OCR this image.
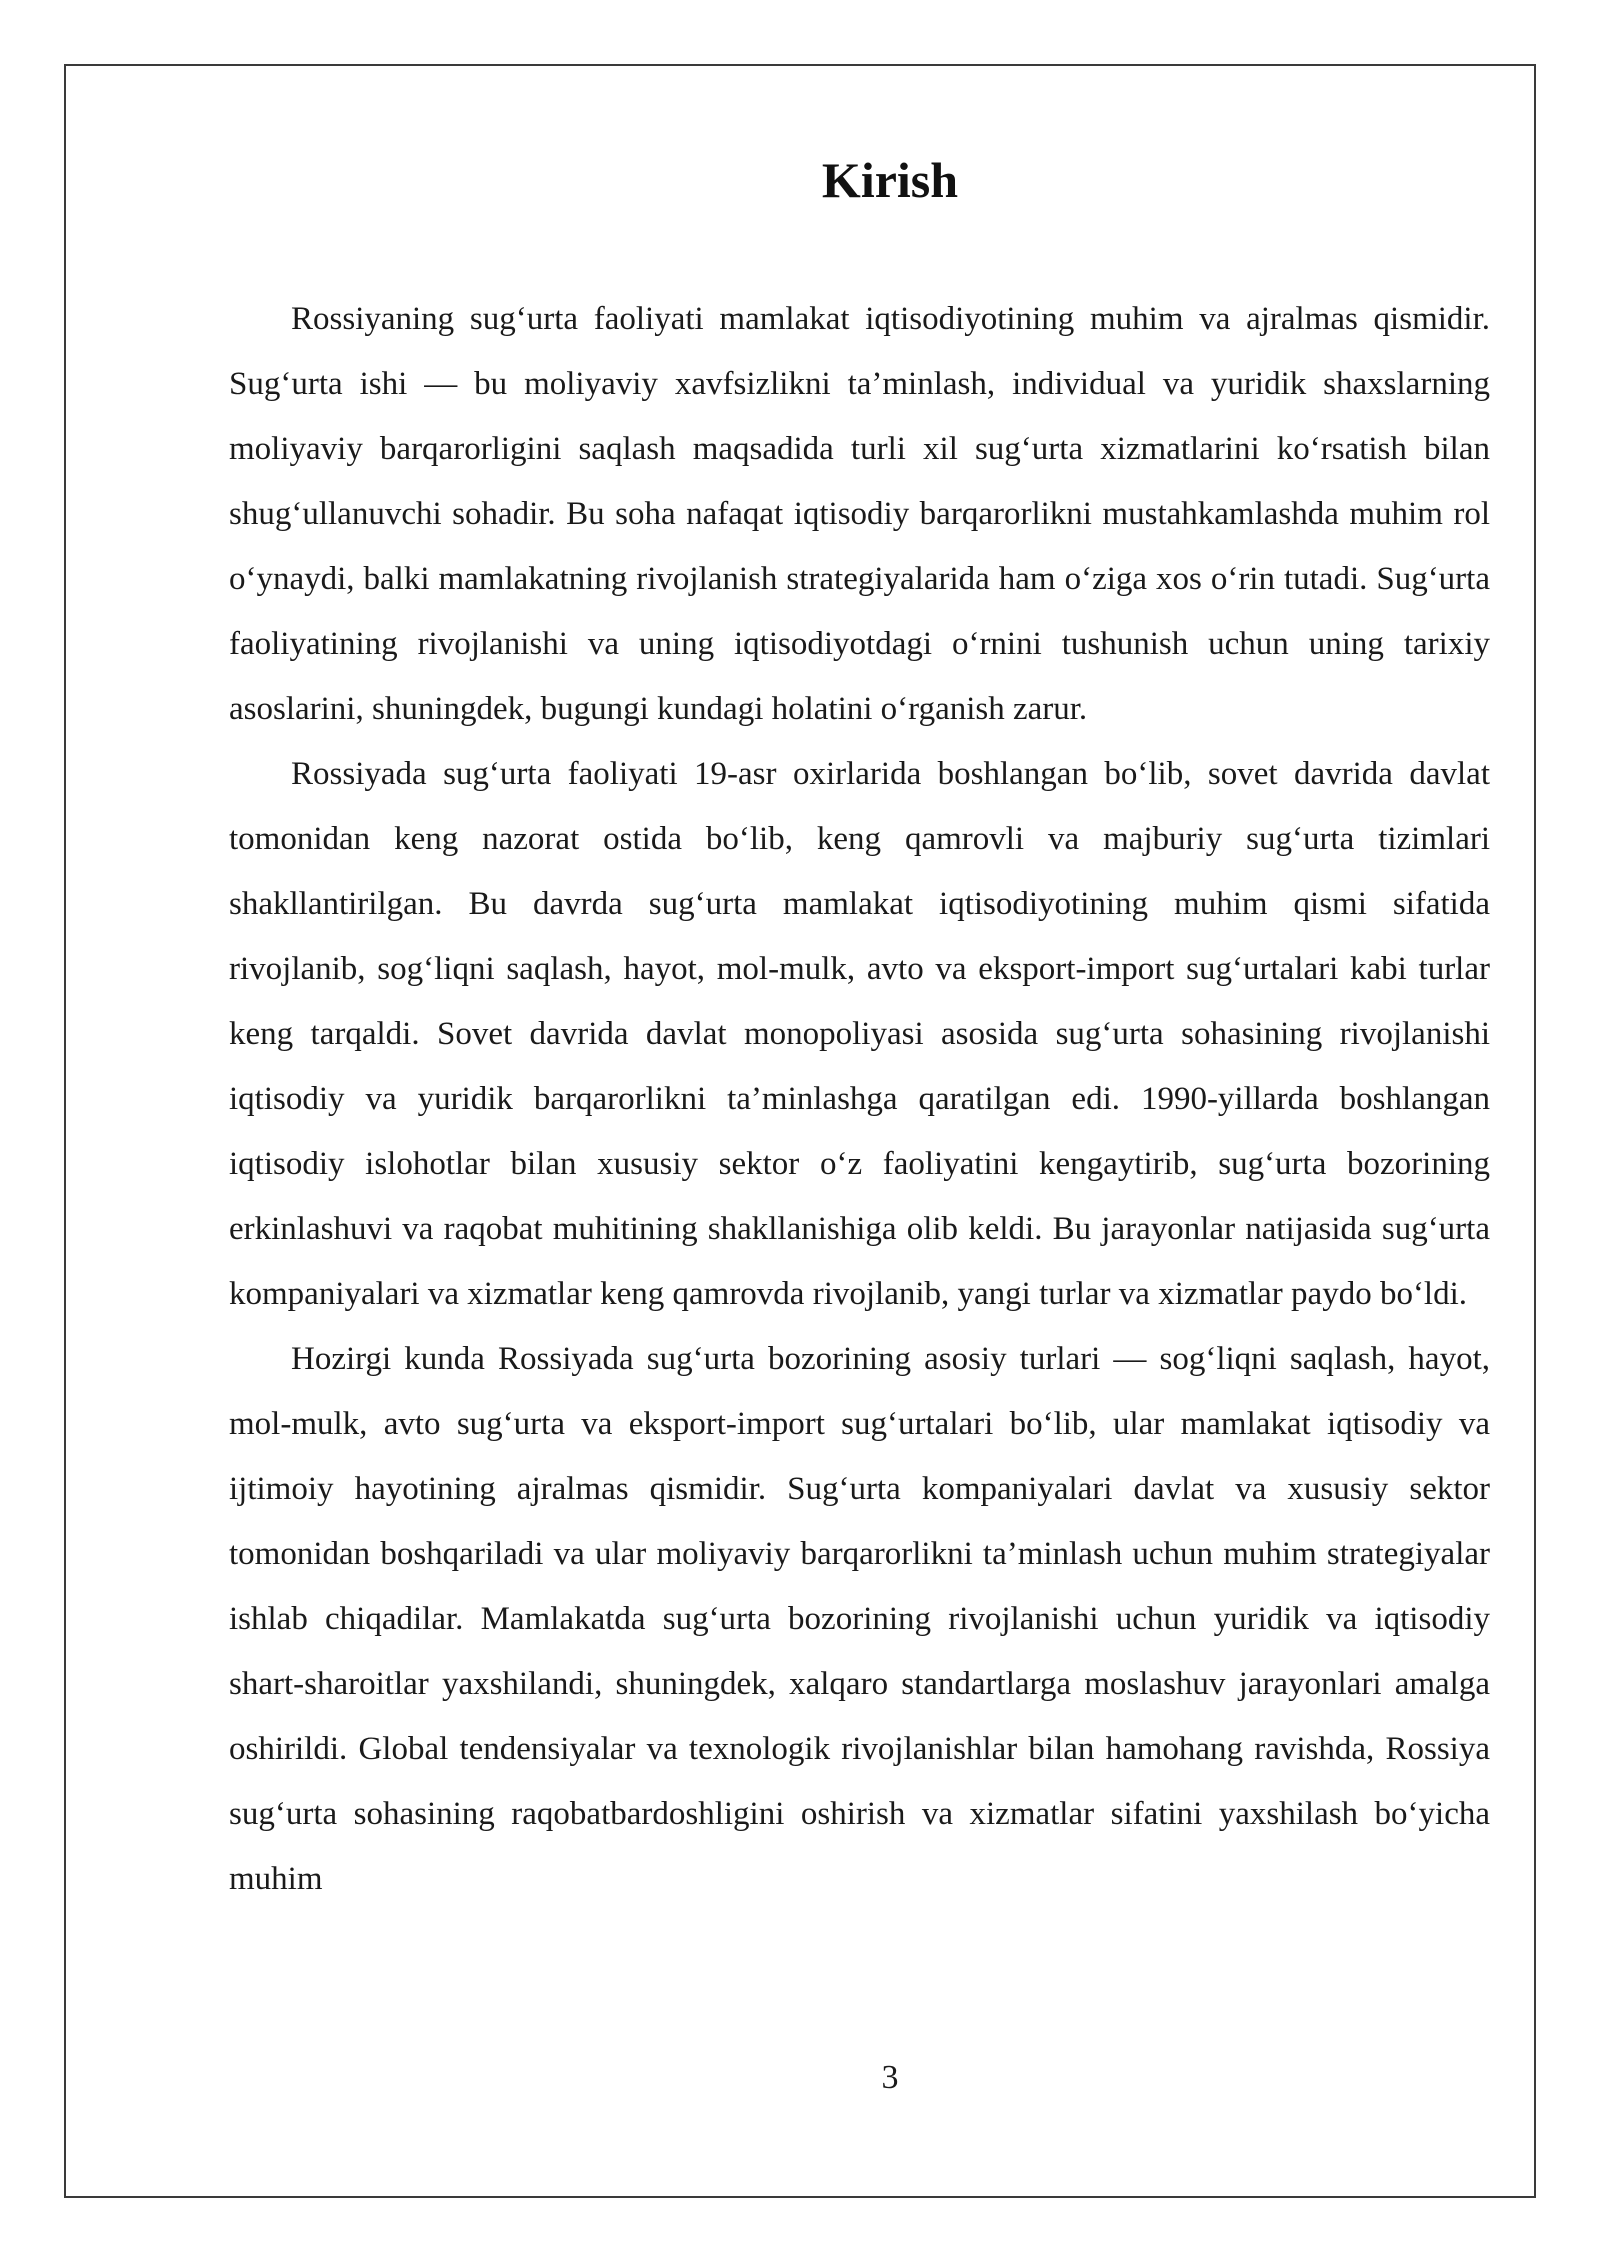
Kirish

Rossiyaning sug‘urta faoliyati mamlakat iqtisodiyotining muhim va ajralmas qismidir. Sug‘urta ishi — bu moliyaviy xavfsizlikni ta’minlash, individual va yuridik shaxslarning moliyaviy barqarorligini saqlash maqsadida turli xil sug‘urta xizmatlarini ko‘rsatish bilan shug‘ullanuvchi sohadir. Bu soha nafaqat iqtisodiy barqarorlikni mustahkamlashda muhim rol o‘ynaydi, balki mamlakatning rivojlanish strategiyalarida ham o‘ziga xos o‘rin tutadi. Sug‘urta faoliyatining rivojlanishi va uning iqtisodiyotdagi o‘rnini tushunish uchun uning tarixiy asoslarini, shuningdek, bugungi kundagi holatini o‘rganish zarur.

Rossiyada sug‘urta faoliyati 19-asr oxirlarida boshlangan bo‘lib, sovet davrida davlat tomonidan keng nazorat ostida bo‘lib, keng qamrovli va majburiy sug‘urta tizimlari shakllantirilgan. Bu davrda sug‘urta mamlakat iqtisodiyotining muhim qismi sifatida rivojlanib, sog‘liqni saqlash, hayot, mol-mulk, avto va eksport-import sug‘urtalari kabi turlar keng tarqaldi. Sovet davrida davlat monopoliyasi asosida sug‘urta sohasining rivojlanishi iqtisodiy va yuridik barqarorlikni ta’minlashga qaratilgan edi. 1990-yillarda boshlangan iqtisodiy islohotlar bilan xususiy sektor o‘z faoliyatini kengaytirib, sug‘urta bozorining erkinlashuvi va raqobat muhitining shakllanishiga olib keldi. Bu jarayonlar natijasida sug‘urta kompaniyalari va xizmatlar keng qamrovda rivojlanib, yangi turlar va xizmatlar paydo bo‘ldi.

Hozirgi kunda Rossiyada sug‘urta bozorining asosiy turlari — sog‘liqni saqlash, hayot, mol-mulk, avto sug‘urta va eksport-import sug‘urtalari bo‘lib, ular mamlakat iqtisodiy va ijtimoiy hayotining ajralmas qismidir. Sug‘urta kompaniyalari davlat va xususiy sektor tomonidan boshqariladi va ular moliyaviy barqarorlikni ta’minlash uchun muhim strategiyalar ishlab chiqadilar. Mamlakatda sug‘urta bozorining rivojlanishi uchun yuridik va iqtisodiy shart-sharoitlar yaxshilandi, shuningdek, xalqaro standartlarga moslashuv jarayonlari amalga oshirildi. Global tendensiyalar va texnologik rivojlanishlar bilan hamohang ravishda, Rossiya sug‘urta sohasining raqobatbardoshligini oshirish va xizmatlar sifatini yaxshilash bo‘yicha muhim

3
